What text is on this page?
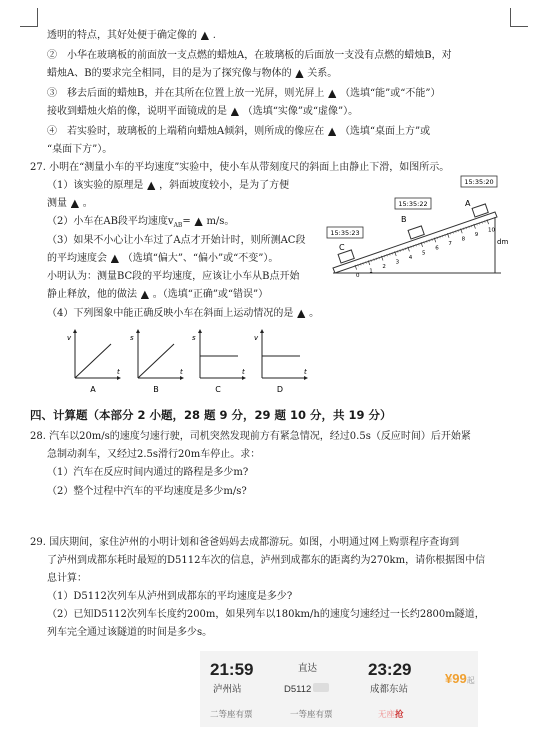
透明的特点，其好处便于确定像的 ▲ .
②　小华在玻璃板的前面放一支点燃的蜡烛A，在玻璃板的后面放一支没有点燃的蜡烛B，对
蜡烛A、B的要求完全相同，目的是为了探究像与物体的 ▲ 关系。
③　移去后面的蜡烛B，并在其所在位置上放一光屏，则光屏上 ▲ （选填“能”或“不能”）
接收到蜡烛火焰的像，说明平面镜成的是 ▲ （选填“实像”或“虚像”）。
④　若实验时，玻璃板的上端稍向蜡烛A倾斜，则所成的像应在 ▲ （选填“桌面上方”或
“桌面下方”）。
27. 小明在“测量小车的平均速度”实验中，使小车从带刻度尺的斜面上由静止下滑，如图所示。
（1）该实验的原理是 ▲ ，斜面坡度较小，是为了方便
测量 ▲ 。
（2）小车在AB段平均速度$v_{AB}=$ ▲ m/s。
（3）如果不小心让小车过了A点才开始计时，则所测AC段
的平均速度会 ▲ （选填“偏大”、“偏小”或“不变”）。
小明认为：测量BC段的平均速度，应该让小车从B点开始
静止释放，他的做法 ▲ 。（选填“正确”或“错误”）
（4）下列图象中能正确反映小车在斜面上运动情况的是 ▲ 。
四、计算题（本部分 2 小题，28 题 9 分，29 题 10 分，共 19 分）
28. 汽车以20m/s的速度匀速行驶，司机突然发现前方有紧急情况，经过0.5s（反应时间）后开始紧
急制动刹车，又经过2.5s滑行20m车停止。求：
（1）汽车在反应时间内通过的路程是多少m?
（2）整个过程中汽车的平均速度是多少m/s?
29. 国庆期间，家住泸州的小明计划和爸爸妈妈去成都游玩。如图，小明通过网上购票程序查询到
了泸州到成都东耗时最短的D5112车次的信息，泸州到成都东的距离约为270km，请你根据图中信
息计算：
（1）D5112次列车从泸州到成都东的平均速度是多少?
（2）已知D5112次列车长度约200m，如果列车以180km/h的速度匀速经过一长约2800m隧道，
列车完全通过该隧道的时间是多少s。
0
1
2
3
4
5
6
7
8
9
10
15:35:23
15:35:22
15:35:20
A
B
C
dm
v
t
A
s
t
B
s
t
C
v
t
D
21:59
泸州站
直达
D5112
23:29
成都东站
¥99起
二等座有票	一等座有票	无座抢
